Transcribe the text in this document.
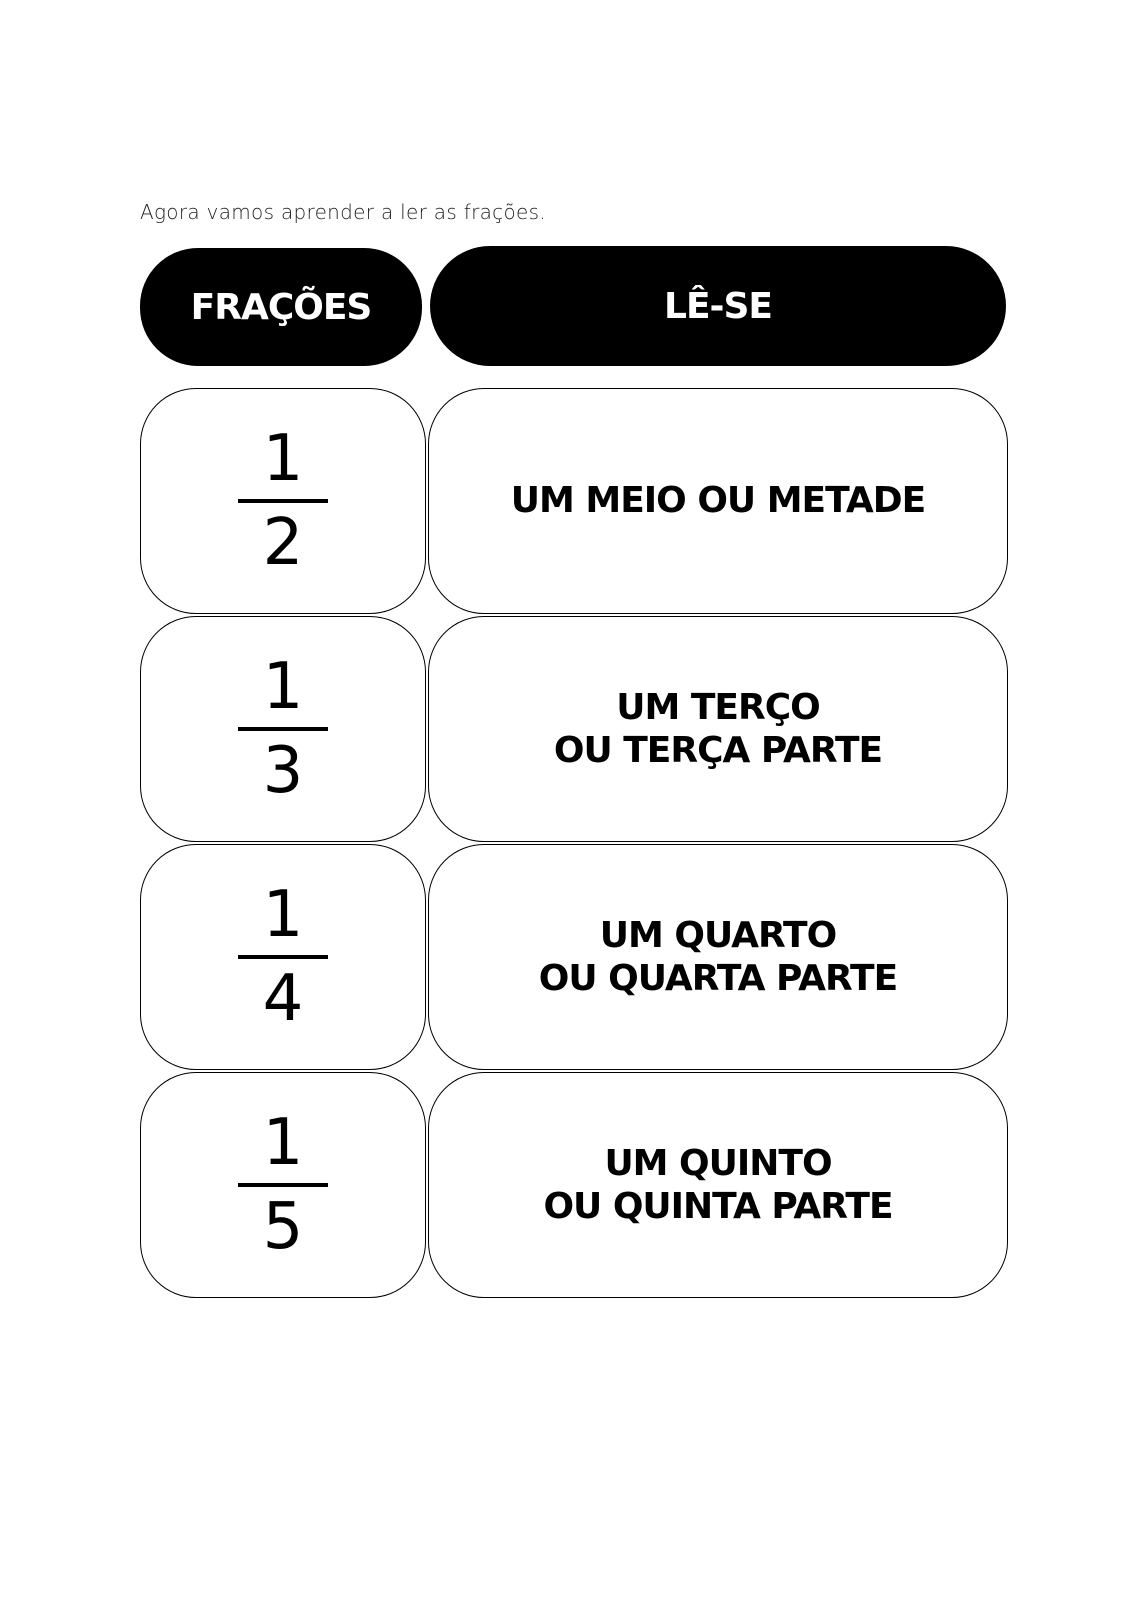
Agora vamos aprender a ler as frações.
FRAÇÕES	LÊ-SE
$\frac{1}{2}$	UM MEIO OU METADE
$\frac{1}{3}$	UM TERÇO
OU TERÇA PARTE
$\frac{1}{4}$	UM QUARTO
OU QUARTA PARTE
$\frac{1}{5}$	UM QUINTO
OU QUINTA PARTE
